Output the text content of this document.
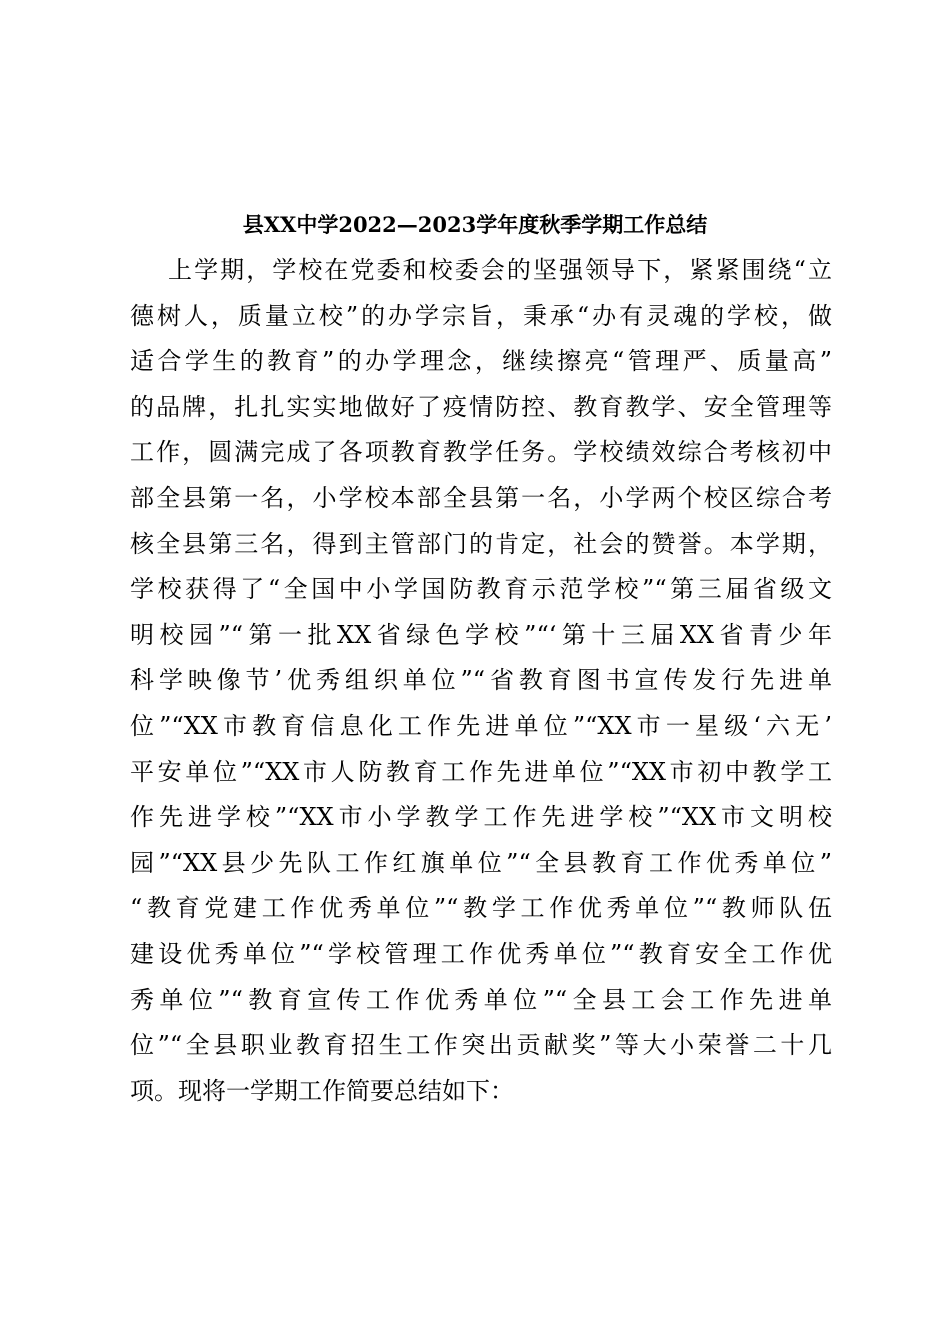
县XX中学2022—2023学年度秋季学期工作总结
上学期，学校在党委和校委会的坚强领导下，紧紧围绕“立
德树人，质量立校”的办学宗旨，秉承“办有灵魂的学校，做
适合学生的教育”的办学理念，继续擦亮“管理严、质量高”
的品牌，扎扎实实地做好了疫情防控、教育教学、安全管理等
工作，圆满完成了各项教育教学任务。学校绩效综合考核初中
部全县第一名，小学校本部全县第一名，小学两个校区综合考
核全县第三名，得到主管部门的肯定，社会的赞誉。本学期，
学校获得了“全国中小学国防教育示范学校”“第三届省级文
明校园”“第一批XX省绿色学校”“‘第十三届XX省青少年
科学映像节’优秀组织单位”“省教育图书宣传发行先进单
位”“XX市教育信息化工作先进单位”“XX市一星级‘六无’
平安单位”“XX市人防教育工作先进单位”“XX市初中教学工
作先进学校”“XX市小学教学工作先进学校”“XX市文明校
园”“XX县少先队工作红旗单位”“全县教育工作优秀单位”
“教育党建工作优秀单位”“教学工作优秀单位”“教师队伍
建设优秀单位”“学校管理工作优秀单位”“教育安全工作优
秀单位”“教育宣传工作优秀单位”“全县工会工作先进单
位”“全县职业教育招生工作突出贡献奖”等大小荣誉二十几
项。现将一学期工作简要总结如下：
